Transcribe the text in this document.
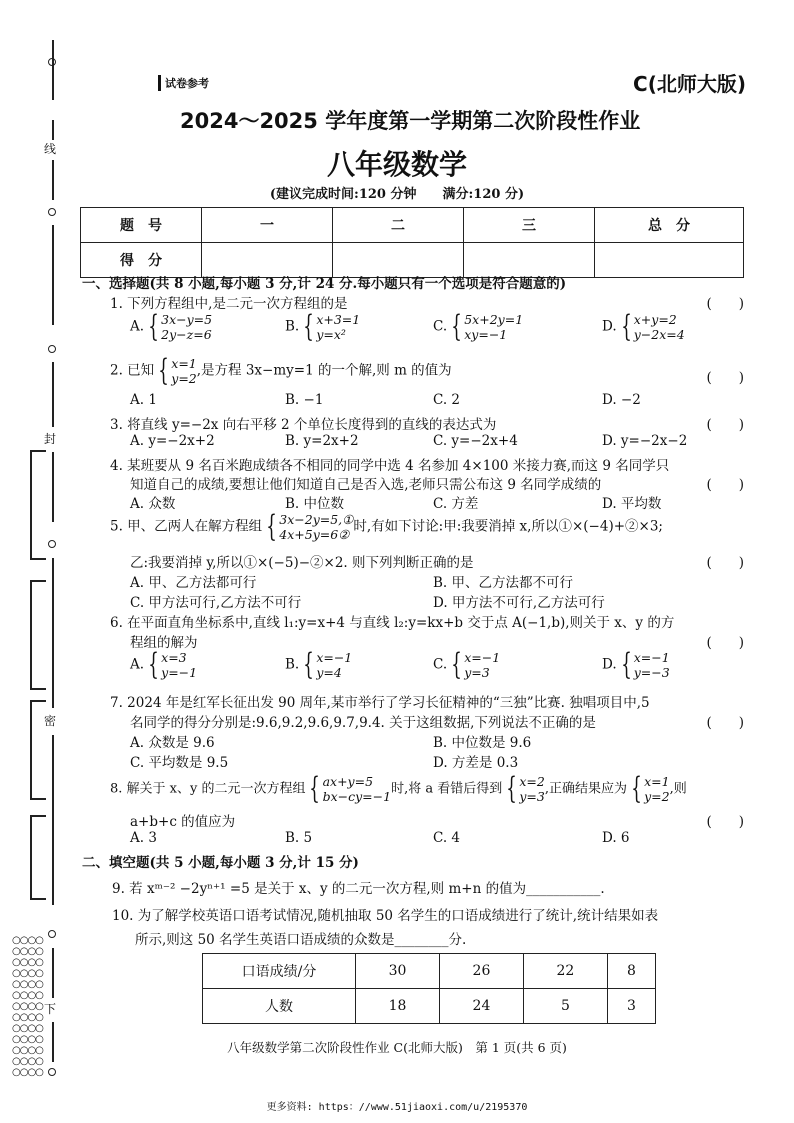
线
封
密
下
○○○○
○○○○
○○○○
○○○○
○○○○
○○○○
○○○○
○○○○
○○○○
○○○○
○○○○
○○○○
○○○○
试卷参考	C(北师大版)
2024～2025 学年度第一学期第二次阶段性作业
八年级数学
(建议完成时间:120 分钟　　满分:120 分)
题　号	一	二	三	总　分
得　分				
一、选择题(共 8 小题,每小题 3 分,计 24 分.每小题只有一个选项是符合题意的)
1. 下列方程组中,是二元一次方程组的是	(　　)
A. { 3x−y=5
2y−z=6	B. { x+3=1
y=x²	C. { 5x+2y=1
xy=−1	D. { x+y=2
y−2x=4
2. 已知 { x=1
y=2 ,是方程 3x−my=1 的一个解,则 m 的值为	(　　)
A. 1	B. −1	C. 2	D. −2
3. 将直线 y=−2x 向右平移 2 个单位长度得到的直线的表达式为	(　　)
A. y=−2x+2	B. y=2x+2	C. y=−2x+4	D. y=−2x−2
4. 某班要从 9 名百米跑成绩各不相同的同学中选 4 名参加 4×100 米接力赛,而这 9 名同学只
知道自己的成绩,要想让他们知道自己是否入选,老师只需公布这 9 名同学成绩的	(　　)
A. 众数	B. 中位数	C. 方差	D. 平均数
5. 甲、乙两人在解方程组 { 3x−2y=5,①
4x+5y=6② 时,有如下讨论:甲:我要消掉 x,所以①×(−4)+②×3;
乙:我要消掉 y,所以①×(−5)−②×2. 则下列判断正确的是	(　　)
A. 甲、乙方法都可行	B. 甲、乙方法都不可行
C. 甲方法可行,乙方法不可行	D. 甲方法不可行,乙方法可行
6. 在平面直角坐标系中,直线 l₁:y=x+4 与直线 l₂:y=kx+b 交于点 A(−1,b),则关于 x、y 的方
程组的解为	(　　)
A. { x=3
y=−1	B. { x=−1
y=4	C. { x=−1
y=3	D. { x=−1
y=−3
7. 2024 年是红军长征出发 90 周年,某市举行了学习长征精神的“三独”比赛. 独唱项目中,5
名同学的得分分别是:9.6,9.2,9.6,9.7,9.4. 关于这组数据,下列说法不正确的是	(　　)
A. 众数是 9.6	B. 中位数是 9.6
C. 平均数是 9.5	D. 方差是 0.3
8. 解关于 x、y 的二元一次方程组 { ax+y=5
bx−cy=−1 时,将 a 看错后得到 { x=2
y=3 ,正确结果应为 { x=1
y=2 ,则
a+b+c 的值应为	(　　)
A. 3	B. 5	C. 4	D. 6
二、填空题(共 5 小题,每小题 3 分,计 15 分)
9. 若 xᵐ⁻² −2yⁿ⁺¹ =5 是关于 x、y 的二元一次方程,则 m+n 的值为___________.
10. 为了解学校英语口语考试情况,随机抽取 50 名学生的口语成绩进行了统计,统计结果如表
所示,则这 50 名学生英语口语成绩的众数是________分.
口语成绩/分	30	26	22	8
人数	18	24	5	3
八年级数学第二次阶段性作业 C(北师大版)　第 1 页(共 6 页)
更多资料: https：//www.51jiaoxi.com/u/2195370
